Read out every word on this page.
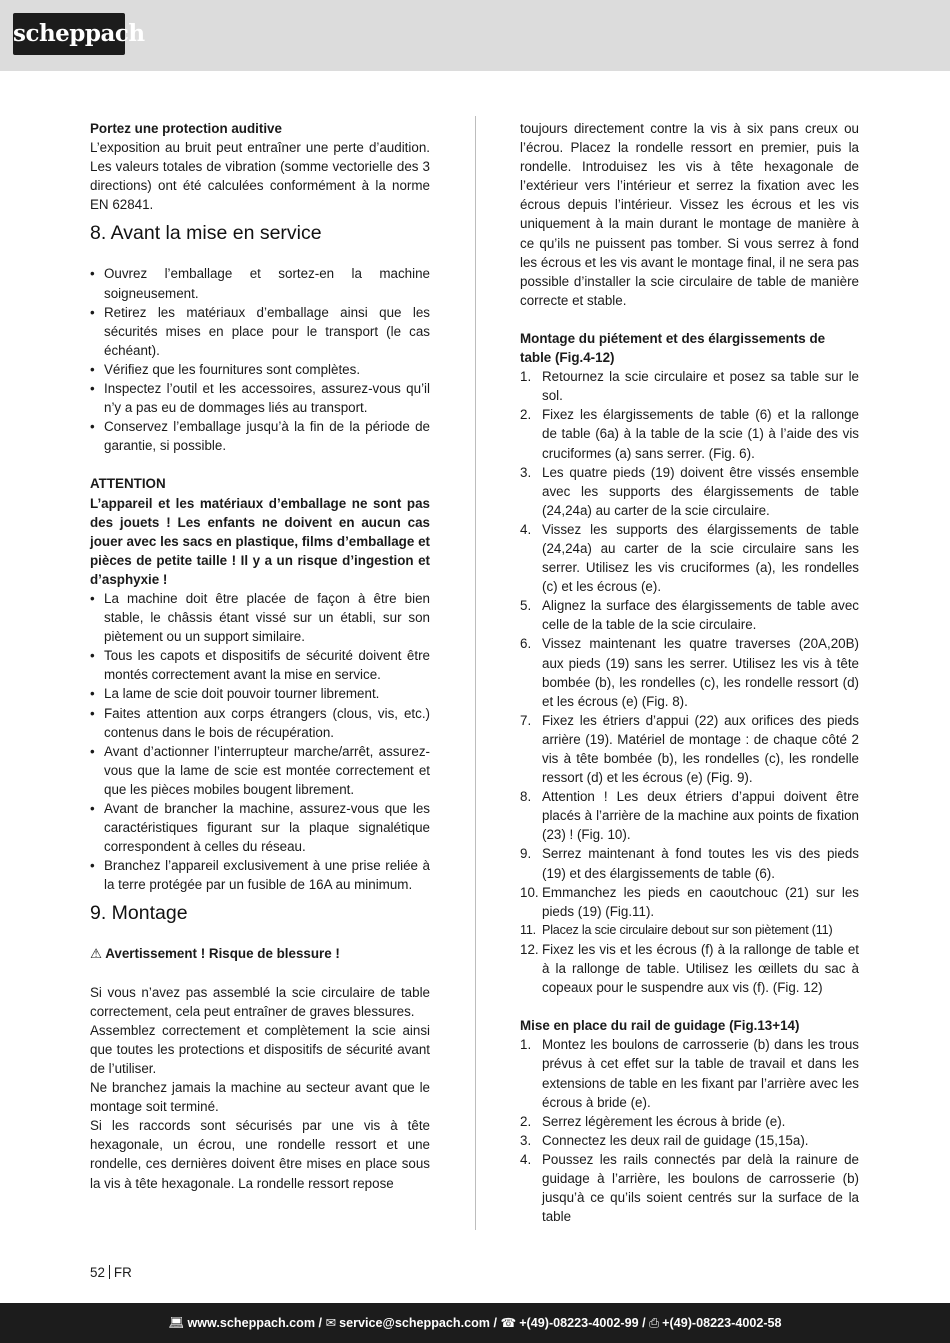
scheppach

Portez une protection auditive

L’exposition au bruit peut entraîner une perte d’audition. Les valeurs totales de vibration (somme vectorielle des 3 directions) ont été calculées conformément à la norme EN 62841.

8. Avant la mise en service
• Ouvrez l’emballage et sortez-en la machine soigneusement.
• Retirez les matériaux d’emballage ainsi que les sécurités mises en place pour le transport (le cas échéant).
• Vérifiez que les fournitures sont complètes.
• Inspectez l’outil et les accessoires, assurez-vous qu’il n’y a pas eu de dommages liés au transport.
• Conservez l’emballage jusqu’à la fin de la période de garantie, si possible.

ATTENTION

L’appareil et les matériaux d’emballage ne sont pas des jouets ! Les enfants ne doivent en aucun cas jouer avec les sacs en plastique, films d’emballage et pièces de petite taille ! Il y a un risque d’ingestion et d’asphyxie !

• La machine doit être placée de façon à être bien stable, le châssis étant vissé sur un établi, sur son piètement ou un support similaire.
• Tous les capots et dispositifs de sécurité doivent être montés correctement avant la mise en service.
• La lame de scie doit pouvoir tourner librement.
• Faites attention aux corps étrangers (clous, vis, etc.) contenus dans le bois de récupération.
• Avant d’actionner l’interrupteur marche/arrêt, assurez-vous que la lame de scie est montée correctement et que les pièces mobiles bougent librement.
• Avant de brancher la machine, assurez-vous que les caractéristiques figurant sur la plaque signalétique correspondent à celles du réseau.
• Branchez l’appareil exclusivement à une prise reliée à la terre protégée par un fusible de 16A au minimum.
9. Montage

⚠ Avertissement ! Risque de blessure !

Si vous n’avez pas assemblé la scie circulaire de table correctement, cela peut entraîner de graves blessures.

Assemblez correctement et complètement la scie ainsi que toutes les protections et dispositifs de sécurité avant de l’utiliser.

Ne branchez jamais la machine au secteur avant que le montage soit terminé.

Si les raccords sont sécurisés par une vis à tête hexagonale, un écrou, une rondelle ressort et une rondelle, ces dernières doivent être mises en place sous la vis à tête hexagonale. La rondelle ressort repose

toujours directement contre la vis à six pans creux ou l’écrou. Placez la rondelle ressort en premier, puis la rondelle. Introduisez les vis à tête hexagonale de l’extérieur vers l’intérieur et serrez la fixation avec les écrous depuis l’intérieur. Vissez les écrous et les vis uniquement à la main durant le montage de manière à ce qu’ils ne puissent pas tomber. Si vous serrez à fond les écrous et les vis avant le montage final, il ne sera pas possible d’installer la scie circulaire de table de manière correcte et stable.

Montage du piétement et des élargissements de table (Fig.4-12)

1. Retournez la scie circulaire et posez sa table sur le sol.
2. Fixez les élargissements de table (6) et la rallonge de table (6a) à la table de la scie (1) à l’aide des vis cruciformes (a) sans serrer. (Fig. 6).
3. Les quatre pieds (19) doivent être vissés ensemble avec les supports des élargissements de table (24,24a) au carter de la scie circulaire.
4. Vissez les supports des élargissements de table (24,24a) au carter de la scie circulaire sans les serrer. Utilisez les vis cruciformes (a), les rondelles (c) et les écrous (e).
5. Alignez la surface des élargissements de table avec celle de la table de la scie circulaire.
6. Vissez maintenant les quatre traverses (20A,20B) aux pieds (19) sans les serrer. Utilisez les vis à tête bombée (b), les rondelles (c), les rondelle ressort (d) et les écrous (e) (Fig. 8).
7. Fixez les étriers d’appui (22) aux orifices des pieds arrière (19). Matériel de montage : de chaque côté 2 vis à tête bombée (b), les rondelles (c), les rondelle ressort (d) et les écrous (e) (Fig. 9).
8. Attention ! Les deux étriers d’appui doivent être placés à l’arrière de la machine aux points de fixation (23) ! (Fig. 10).
9. Serrez maintenant à fond toutes les vis des pieds (19) et des élargissements de table (6).
10. Emmanchez les pieds en caoutchouc (21) sur les pieds (19) (Fig.11).
11. Placez la scie circulaire debout sur son piètement (11)
12. Fixez les vis et les écrous (f) à la rallonge de table et à la rallonge de table. Utilisez les œillets du sac à copeaux pour le suspendre aux vis (f). (Fig. 12)

Mise en place du rail de guidage (Fig.13+14)

1. Montez les boulons de carrosserie (b) dans les trous prévus à cet effet sur la table de travail et dans les extensions de table en les fixant par l’arrière avec les écrous à bride (e).
2. Serrez légèrement les écrous à bride (e).
3. Connectez les deux rail de guidage (15,15a).
4. Poussez les rails connectés par delà la rainure de guidage à l’arrière, les boulons de carrosserie (b) jusqu’à ce qu’ils soient centrés sur la surface de la table
52 FR
💻︎ www.scheppach.com / ✉︎ service@scheppach.com / ☎︎ +(49)-08223-4002-99 / ⎙ +(49)-08223-4002-58
